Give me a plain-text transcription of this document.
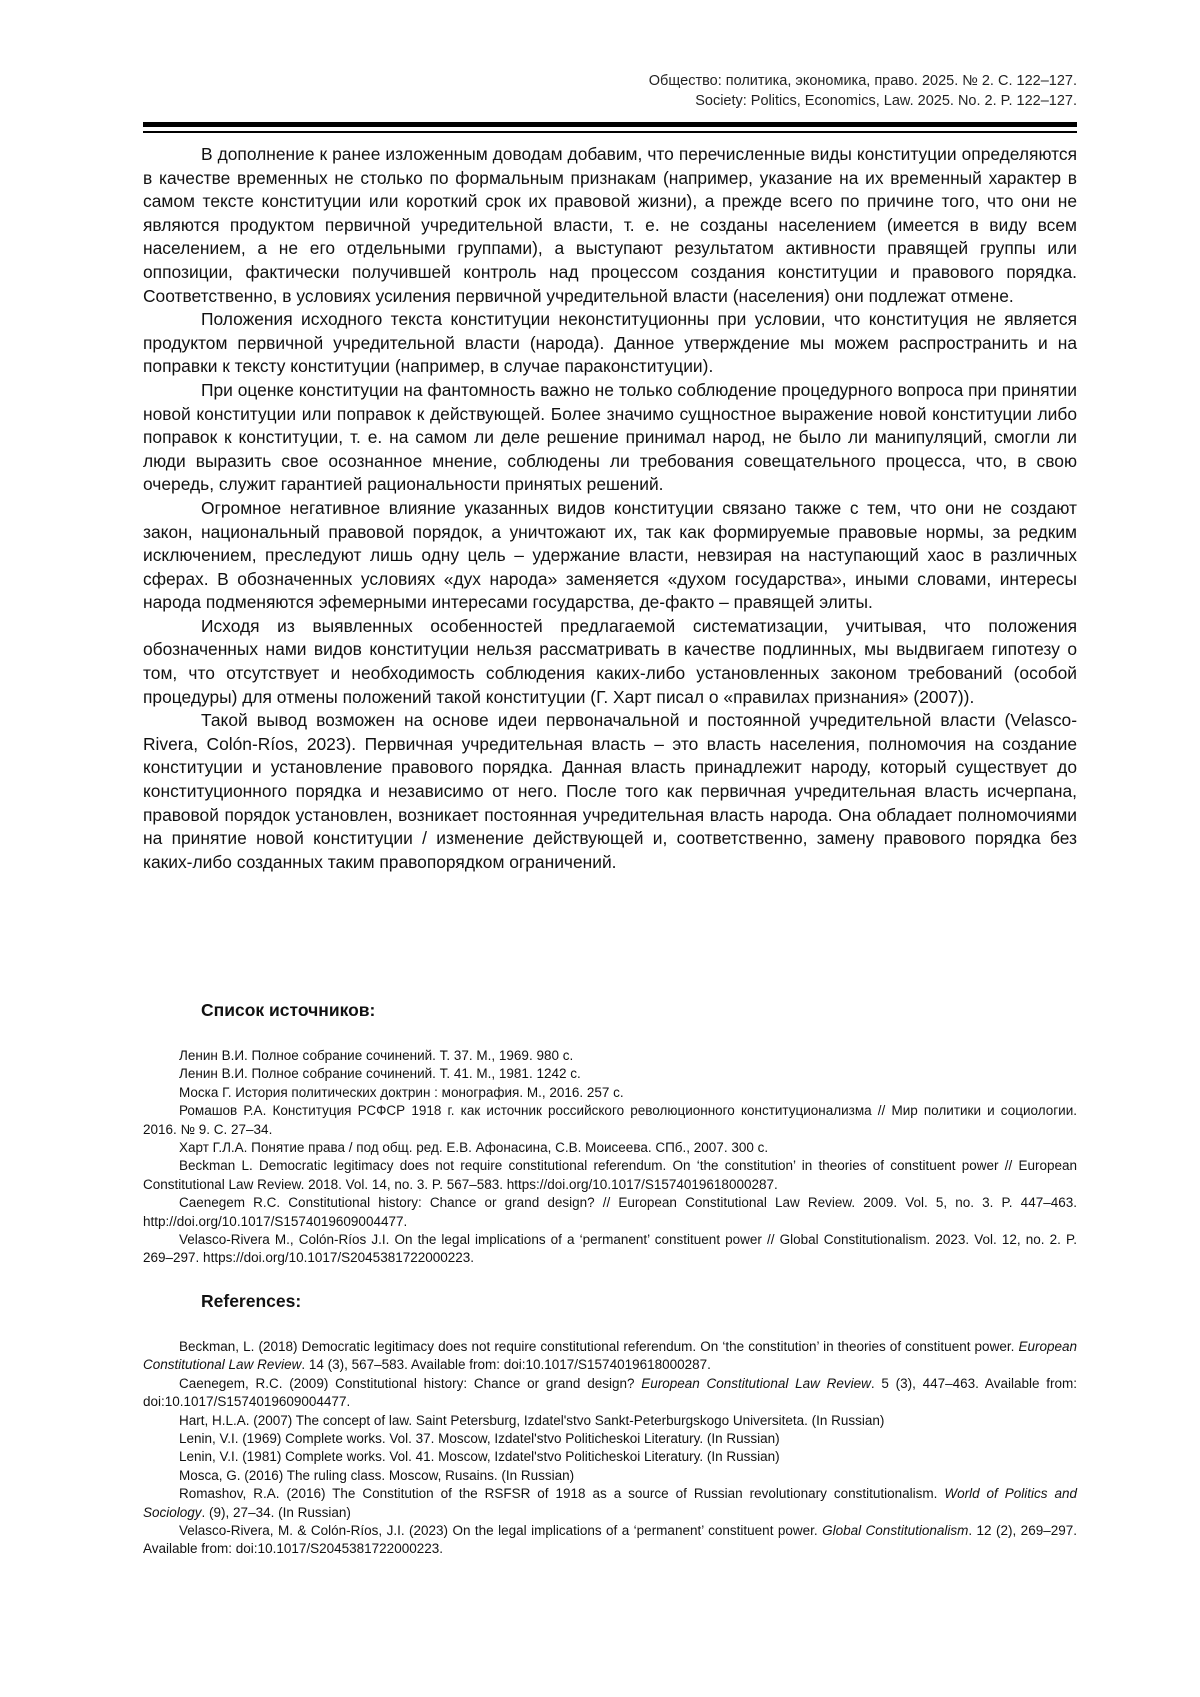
Общество: политика, экономика, право. 2025. № 2. С. 122–127.
Society: Politics, Economics, Law. 2025. No. 2. P. 122–127.

В дополнение к ранее изложенным доводам добавим, что перечисленные виды конституции определяются в качестве временных не столько по формальным признакам (например, указание на их временный характер в самом тексте конституции или короткий срок их правовой жизни), а прежде всего по причине того, что они не являются продуктом первичной учредительной власти, т. е. не созданы населением (имеется в виду всем населением, а не его отдельными группами), а выступают результатом активности правящей группы или оппозиции, фактически получившей контроль над процессом создания конституции и правового порядка. Соответственно, в условиях усиления первичной учредительной власти (населения) они подлежат отмене.

Положения исходного текста конституции неконституционны при условии, что конституция не является продуктом первичной учредительной власти (народа). Данное утверждение мы можем распространить и на поправки к тексту конституции (например, в случае параконституции).

При оценке конституции на фантомность важно не только соблюдение процедурного вопроса при принятии новой конституции или поправок к действующей. Более значимо сущностное выражение новой конституции либо поправок к конституции, т. е. на самом ли деле решение принимал народ, не было ли манипуляций, смогли ли люди выразить свое осознанное мнение, соблюдены ли требования совещательного процесса, что, в свою очередь, служит гарантией рациональности принятых решений.

Огромное негативное влияние указанных видов конституции связано также с тем, что они не создают закон, национальный правовой порядок, а уничтожают их, так как формируемые правовые нормы, за редким исключением, преследуют лишь одну цель – удержание власти, невзирая на наступающий хаос в различных сферах. В обозначенных условиях «дух народа» заменяется «духом государства», иными словами, интересы народа подменяются эфемерными интересами государства, де-факто – правящей элиты.

Исходя из выявленных особенностей предлагаемой систематизации, учитывая, что положения обозначенных нами видов конституции нельзя рассматривать в качестве подлинных, мы выдвигаем гипотезу о том, что отсутствует и необходимость соблюдения каких-либо установленных законом требований (особой процедуры) для отмены положений такой конституции (Г. Харт писал о «правилах признания» (2007)).

Такой вывод возможен на основе идеи первоначальной и постоянной учредительной власти (Velasco-Rivera, Colón-Ríos, 2023). Первичная учредительная власть – это власть населения, полномочия на создание конституции и установление правового порядка. Данная власть принадлежит народу, который существует до конституционного порядка и независимо от него. После того как первичная учредительная власть исчерпана, правовой порядок установлен, возникает постоянная учредительная власть народа. Она обладает полномочиями на принятие новой конституции / изменение действующей и, соответственно, замену правового порядка без каких-либо созданных таким правопорядком ограничений.

Список источников:

Ленин В.И. Полное собрание сочинений. Т. 37. М., 1969. 980 с.

Ленин В.И. Полное собрание сочинений. Т. 41. М., 1981. 1242 с.

Моска Г. История политических доктрин : монография. М., 2016. 257 с.

Ромашов Р.А. Конституция РСФСР 1918 г. как источник российского революционного конституционализма // Мир политики и социологии. 2016. № 9. С. 27–34.

Харт Г.Л.А. Понятие права / под общ. ред. Е.В. Афонасина, С.В. Моисеева. СПб., 2007. 300 с.

Beckman L. Democratic legitimacy does not require constitutional referendum. On ‘the constitution’ in theories of constituent power // European Constitutional Law Review. 2018. Vol. 14, no. 3. P. 567–583. https://doi.org/10.1017/S1574019618000287.

Caenegem R.C. Constitutional history: Chance or grand design? // European Constitutional Law Review. 2009. Vol. 5, no. 3. P. 447–463. http://doi.org/10.1017/S1574019609004477.

Velasco-Rivera M., Colón-Ríos J.I. On the legal implications of a ‘permanent’ constituent power // Global Constitutionalism. 2023. Vol. 12, no. 2. P. 269–297. https://doi.org/10.1017/S2045381722000223.

References:

Beckman, L. (2018) Democratic legitimacy does not require constitutional referendum. On ‘the constitution’ in theories of constituent power. European Constitutional Law Review. 14 (3), 567–583. Available from: doi:10.1017/S1574019618000287.

Caenegem, R.C. (2009) Constitutional history: Chance or grand design? European Constitutional Law Review. 5 (3), 447–463. Available from: doi:10.1017/S1574019609004477.

Hart, H.L.A. (2007) The concept of law. Saint Petersburg, Izdatel'stvo Sankt-Peterburgskogo Universiteta. (In Russian)

Lenin, V.I. (1969) Complete works. Vol. 37. Moscow, Izdatel'stvo Politicheskoi Literatury. (In Russian)

Lenin, V.I. (1981) Complete works. Vol. 41. Moscow, Izdatel'stvo Politicheskoi Literatury. (In Russian)

Mosca, G. (2016) The ruling class. Moscow, Rusains. (In Russian)

Romashov, R.A. (2016) The Constitution of the RSFSR of 1918 as a source of Russian revolutionary constitutionalism. World of Politics and Sociology. (9), 27–34. (In Russian)

Velasco-Rivera, M. & Colón-Ríos, J.I. (2023) On the legal implications of a ‘permanent’ constituent power. Global Constitutionalism. 12 (2), 269–297. Available from: doi:10.1017/S2045381722000223.
